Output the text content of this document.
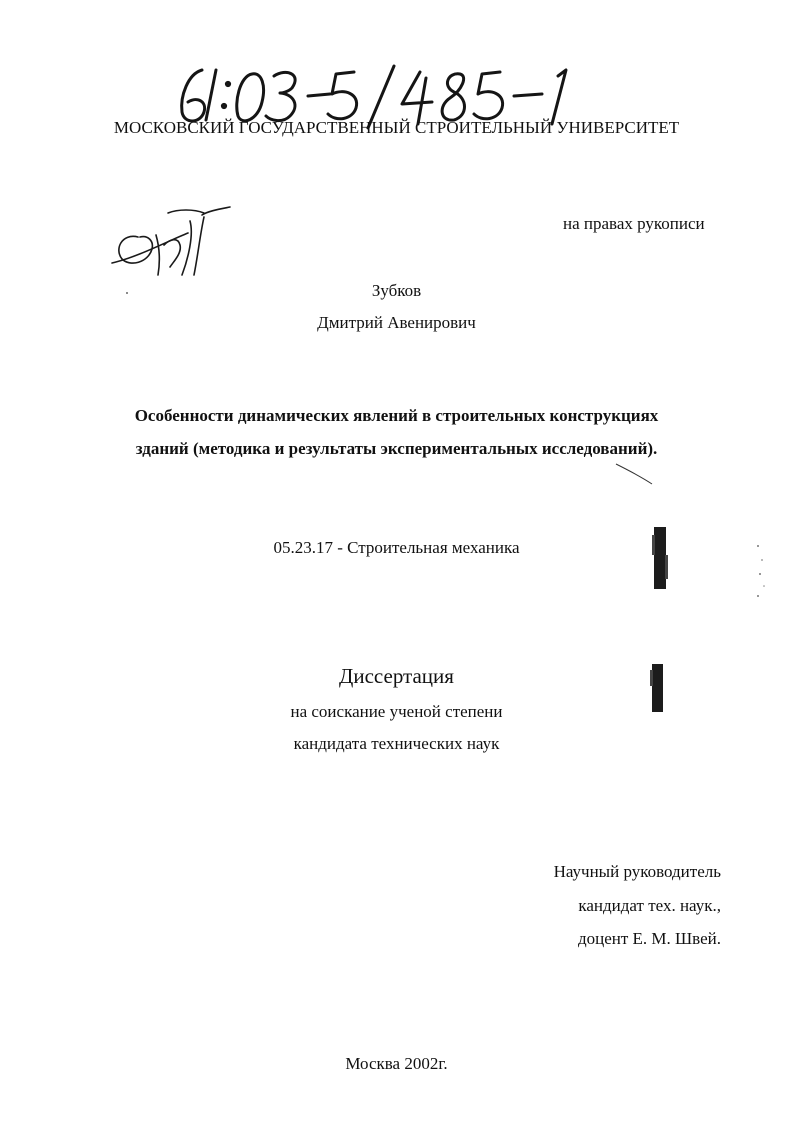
МОСКОВСКИЙ ГОСУДАРСТВЕННЫЙ СТРОИТЕЛЬНЫЙ УНИВЕРСИТЕТ
на правах рукописи
Зубков
Дмитрий Авенирович
Особенности динамических явлений в строительных конструкциях
зданий (методика и результаты экспериментальных исследований).
05.23.17 - Строительная механика
Диссертация
на соискание ученой степени
кандидата технических наук
Научный руководитель
кандидат тех. наук.,
доцент Е. М. Швей.
Москва 2002г.
